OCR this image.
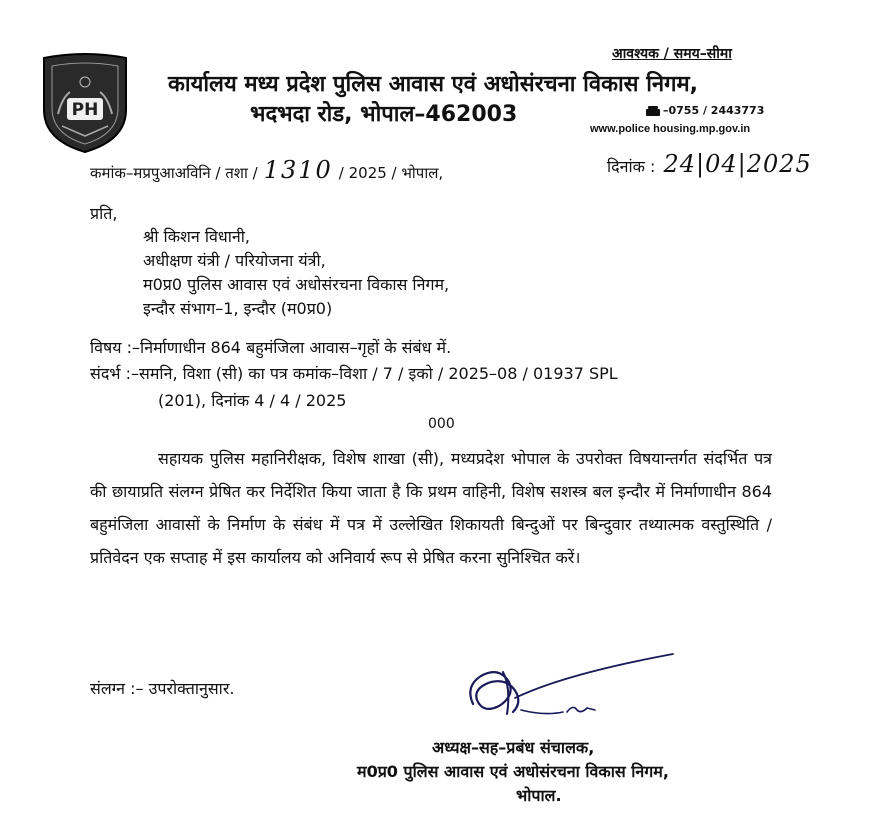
PH
आवश्यक / समय–सीमा
कार्यालय मध्य प्रदेश पुलिस आवास एवं अधोसंरचना विकास निगम,
भदभदा रोड, भोपाल–462003	–0755 / 2443773
www.police housing.mp.gov.in
कमांक–मप्रपुआअविनि / तशा / 1310 / 2025 / भोपाल,	दिनांक : 24|04|2025
प्रति,
श्री किशन विधानी,
अधीक्षण यंत्री / परियोजना यंत्री,
म0प्र0 पुलिस आवास एवं अधोसंरचना विकास निगम,
इन्दौर संभाग–1, इन्दौर (म0प्र0)
विषय :–निर्माणाधीन 864 बहुमंजिला आवास–गृहों के संबंध में.
संदर्भ :–समनि, विशा (सी) का पत्र कमांक–विशा / 7 / इको / 2025–08 / 01937 SPL
(201), दिनांक 4 / 4 / 2025
000
सहायक पुलिस महानिरीक्षक, विशेष शाखा (सी), मध्यप्रदेश भोपाल के उपरोक्त विषयान्तर्गत संदर्भित पत्र की छायाप्रति संलग्न प्रेषित कर निर्देशित किया जाता है कि प्रथम वाहिनी, विशेष सशस्त्र बल इन्दौर में निर्माणाधीन 864 बहुमंजिला आवासों के निर्माण के संबंध में पत्र में उल्लेखित शिकायती बिन्दुओं पर बिन्दुवार तथ्यात्मक वस्तुस्थिति / प्रतिवेदन एक सप्ताह में इस कार्यालय को अनिवार्य रूप से प्रेषित करना सुनिश्चित करें।
संलग्न :– उपरोक्तानुसार.
अध्यक्ष–सह–प्रबंध संचालक,
म0प्र0 पुलिस आवास एवं अधोसंरचना विकास निगम,
भोपाल.
